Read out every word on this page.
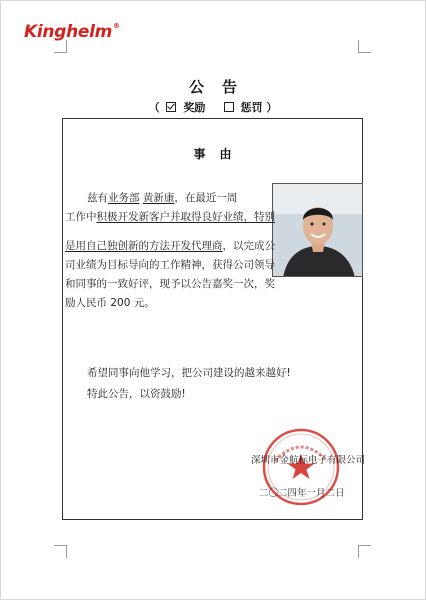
Kinghelm®
公告
（ 奖励	惩罚 ）
事由
兹有业务部 黄新康，在最近一周
工作中积极开发新客户并取得良好业绩，特别
是用自己独创新的方法开发代理商，以完成公
司业绩为目标导向的工作精神，获得公司领导
和同事的一致好评，现予以公告嘉奖一次，奖
励人民币 200 元。
希望同事向他学习，把公司建设的越来越好!
特此公告，以资鼓励!
深圳市金航标电子有限公司
二〇二四年一月二日
